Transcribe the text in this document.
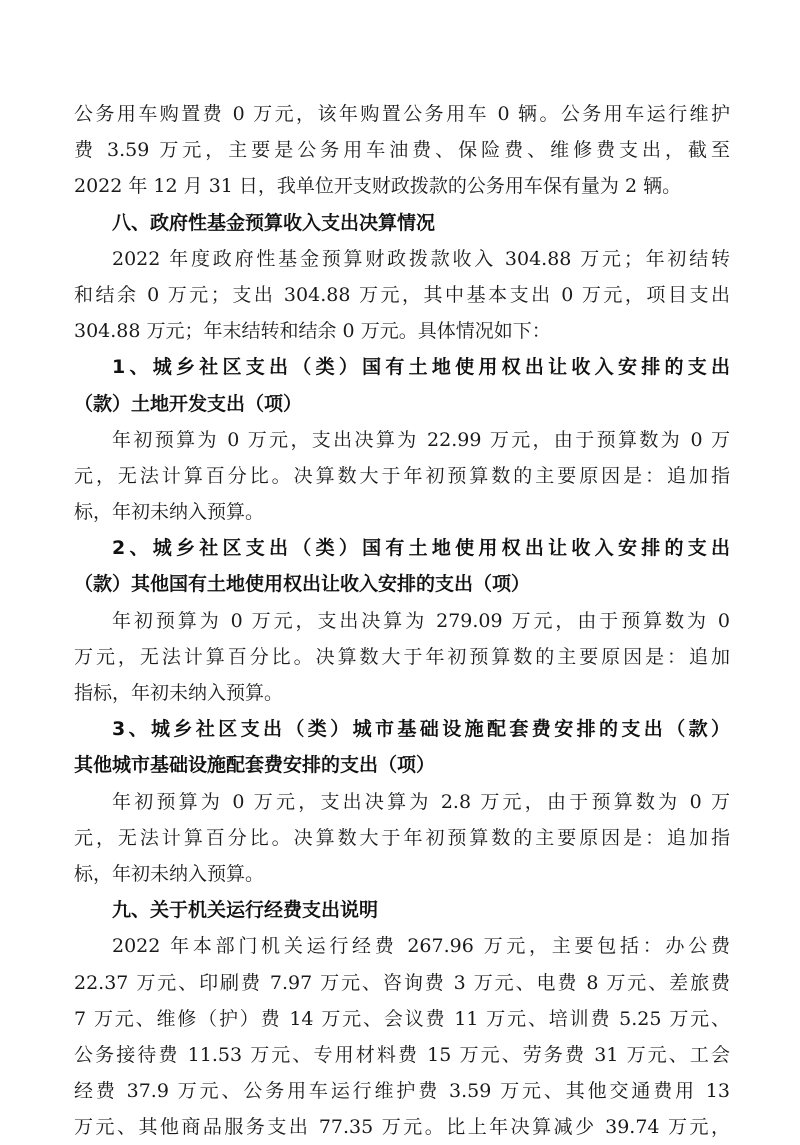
公务用车购置费 0 万元，该年购置公务用车 0 辆。公务用车运行维护
费 3.59 万元，主要是公务用车油费、保险费、维修费支出，截至
2022 年 12 月 31 日，我单位开支财政拨款的公务用车保有量为 2 辆。
八、政府性基金预算收入支出决算情况
2022 年度政府性基金预算财政拨款收入 304.88 万元；年初结转
和结余 0 万元；支出 304.88 万元，其中基本支出 0 万元，项目支出
304.88 万元；年末结转和结余 0 万元。具体情况如下：
1、城乡社区支出（类）国有土地使用权出让收入安排的支出
（款）土地开发支出（项）
年初预算为 0 万元，支出决算为 22.99 万元，由于预算数为 0 万
元，无法计算百分比。决算数大于年初预算数的主要原因是：追加指
标，年初未纳入预算。
2、城乡社区支出（类）国有土地使用权出让收入安排的支出
（款）其他国有土地使用权出让收入安排的支出（项）
年初预算为 0 万元，支出决算为 279.09 万元，由于预算数为 0
万元，无法计算百分比。决算数大于年初预算数的主要原因是：追加
指标，年初未纳入预算。
3、城乡社区支出（类）城市基础设施配套费安排的支出（款）
其他城市基础设施配套费安排的支出（项）
年初预算为 0 万元，支出决算为 2.8 万元，由于预算数为 0 万
元，无法计算百分比。决算数大于年初预算数的主要原因是：追加指
标，年初未纳入预算。
九、关于机关运行经费支出说明
2022 年本部门机关运行经费 267.96 万元，主要包括：办公费
22.37 万元、印刷费 7.97 万元、咨询费 3 万元、电费 8 万元、差旅费
7 万元、维修（护）费 14 万元、会议费 11 万元、培训费 5.25 万元、
公务接待费 11.53 万元、专用材料费 15 万元、劳务费 31 万元、工会
经费 37.9 万元、公务用车运行维护费 3.59 万元、其他交通费用 13
万元、其他商品服务支出 77.35 万元。比上年决算减少 39.74 万元，
